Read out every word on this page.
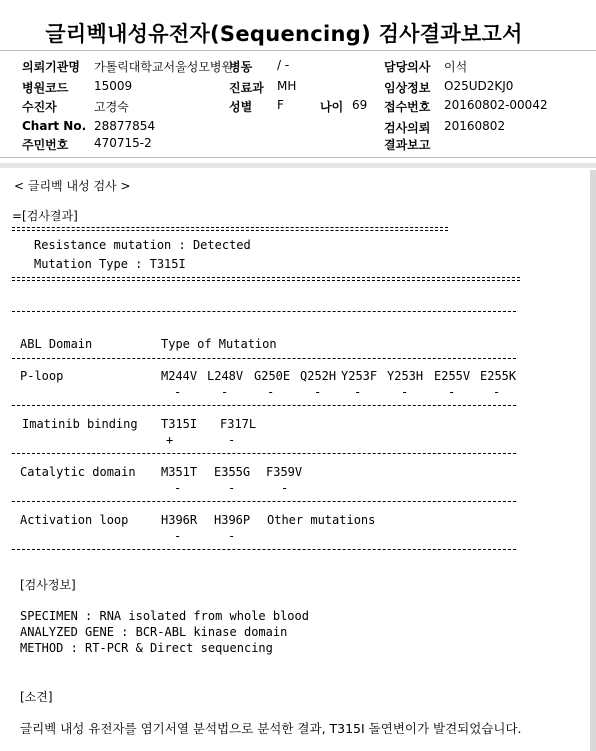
글리벡내성유전자(Sequencing) 검사결과보고서
의뢰기관명 가톨릭대학교서울성모병원
병동 / -	담당의사 이석
병원코드 15009	진료과 MH	임상정보 O25UD2KJ0
수진자	고경숙	성별 F	나이 69 접수번호 20160802-00042
Chart No. 28877854	검사의뢰 20160802
주민번호 470715-2	결과보고
< 글리벡 내성 검사 >
=[검사결과]
Resistance mutation : Detected
Mutation Type : T315I
ABL Domain	Type of Mutation
P-loop	M244V L248V G250E Q252H Y253F Y253H E255V E255K
-	-	-	-	-	-	-	-
Imatinib binding T315I F317L
+	-
Catalytic domain M351T E355G F359V
-	-	-
Activation loop	H396R H396P Other mutations
-	-
[검사정보]
SPECIMEN : RNA isolated from whole blood
ANALYZED GENE : BCR-ABL kinase domain
METHOD : RT-PCR & Direct sequencing
[소견]
글리벡 내성 유전자를 염기서열 분석법으로 분석한 결과, T315I 돌연변이가 발견되었습니다.
